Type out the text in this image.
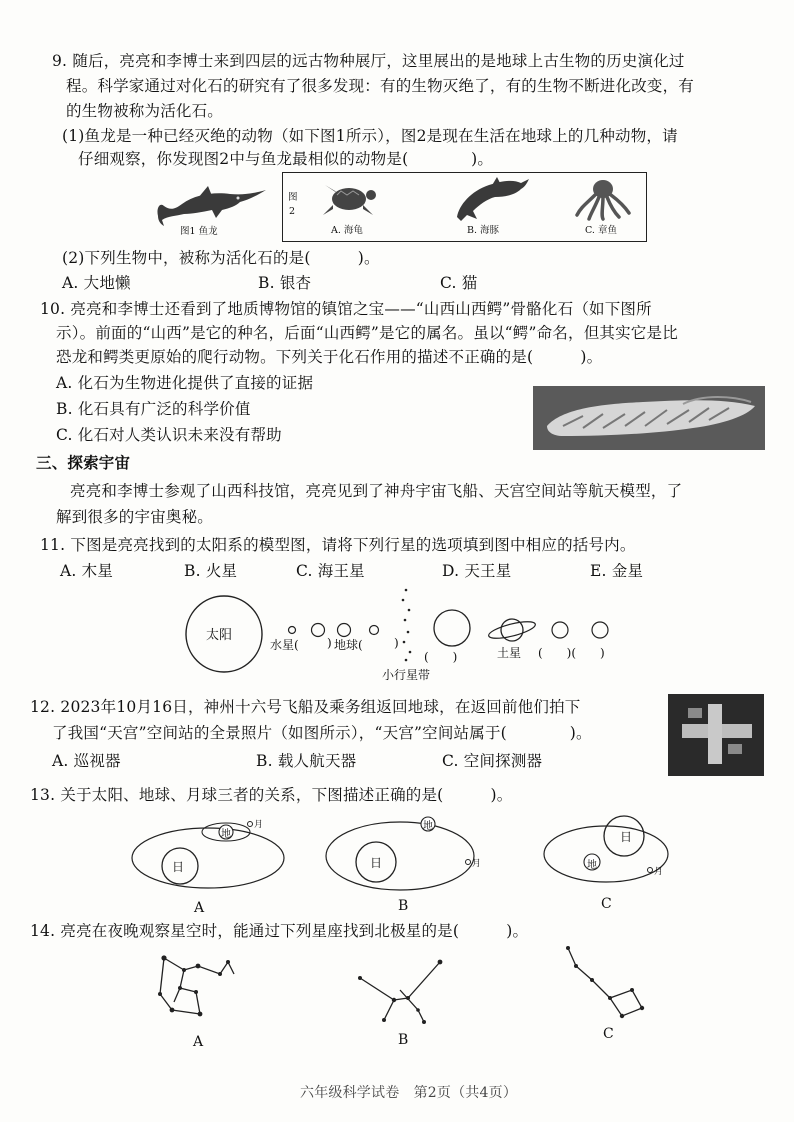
9. 随后，亮亮和李博士来到四层的远古物种展厅，这里展出的是地球上古生物的历史演化过
程。科学家通过对化石的研究有了很多发现：有的生物灭绝了，有的生物不断进化改变，有
的生物被称为活化石。
(1)鱼龙是一种已经灭绝的动物（如下图1所示），图2是现在生活在地球上的几种动物，请
仔细观察，你发现图2中与鱼龙最相似的动物是(　　　　)。
图1 鱼龙
图
2
A. 海龟	B. 海豚	C. 章鱼
(2)下列生物中，被称为活化石的是(　　　)。
A. 大地懒	B. 银杏	C. 猫
10. 亮亮和李博士还看到了地质博物馆的镇馆之宝——“山西山西鳄”骨骼化石（如下图所
示）。前面的“山西”是它的种名，后面“山西鳄”是它的属名。虽以“鳄”命名，但其实它是比
恐龙和鳄类更原始的爬行动物。下列关于化石作用的描述不正确的是(　　　)。
A. 化石为生物进化提供了直接的证据
B. 化石具有广泛的科学价值
C. 化石对人类认识未来没有帮助
三、探索宇宙
亮亮和李博士参观了山西科技馆，亮亮见到了神舟宇宙飞船、天宫空间站等航天模型，了
解到很多的宇宙奥秘。
11. 下图是亮亮找到的太阳系的模型图，请将下列行星的选项填到图中相应的括号内。
A. 木星	B. 火星	C. 海王星	D. 天王星	E. 金星
太阳
水星( ) 地球(	)
(　　)	土星 (　　)(　　)
小行星带
12. 2023年10月16日，神州十六号飞船及乘务组返回地球，在返回前他们拍下
了我国“天宫”空间站的全景照片（如图所示），“天宫”空间站属于(　　　　)。
A. 巡视器	B. 载人航天器	C. 空间探测器
13. 关于太阳、地球、月球三者的关系，下图描述正确的是(　　　)。
日
地
月
日
地
月
日
地
月
A	B	C
14. 亮亮在夜晚观察星空时，能通过下列星座找到北极星的是(　　　)。
A	B	C
六年级科学试卷　第2页（共4页）
